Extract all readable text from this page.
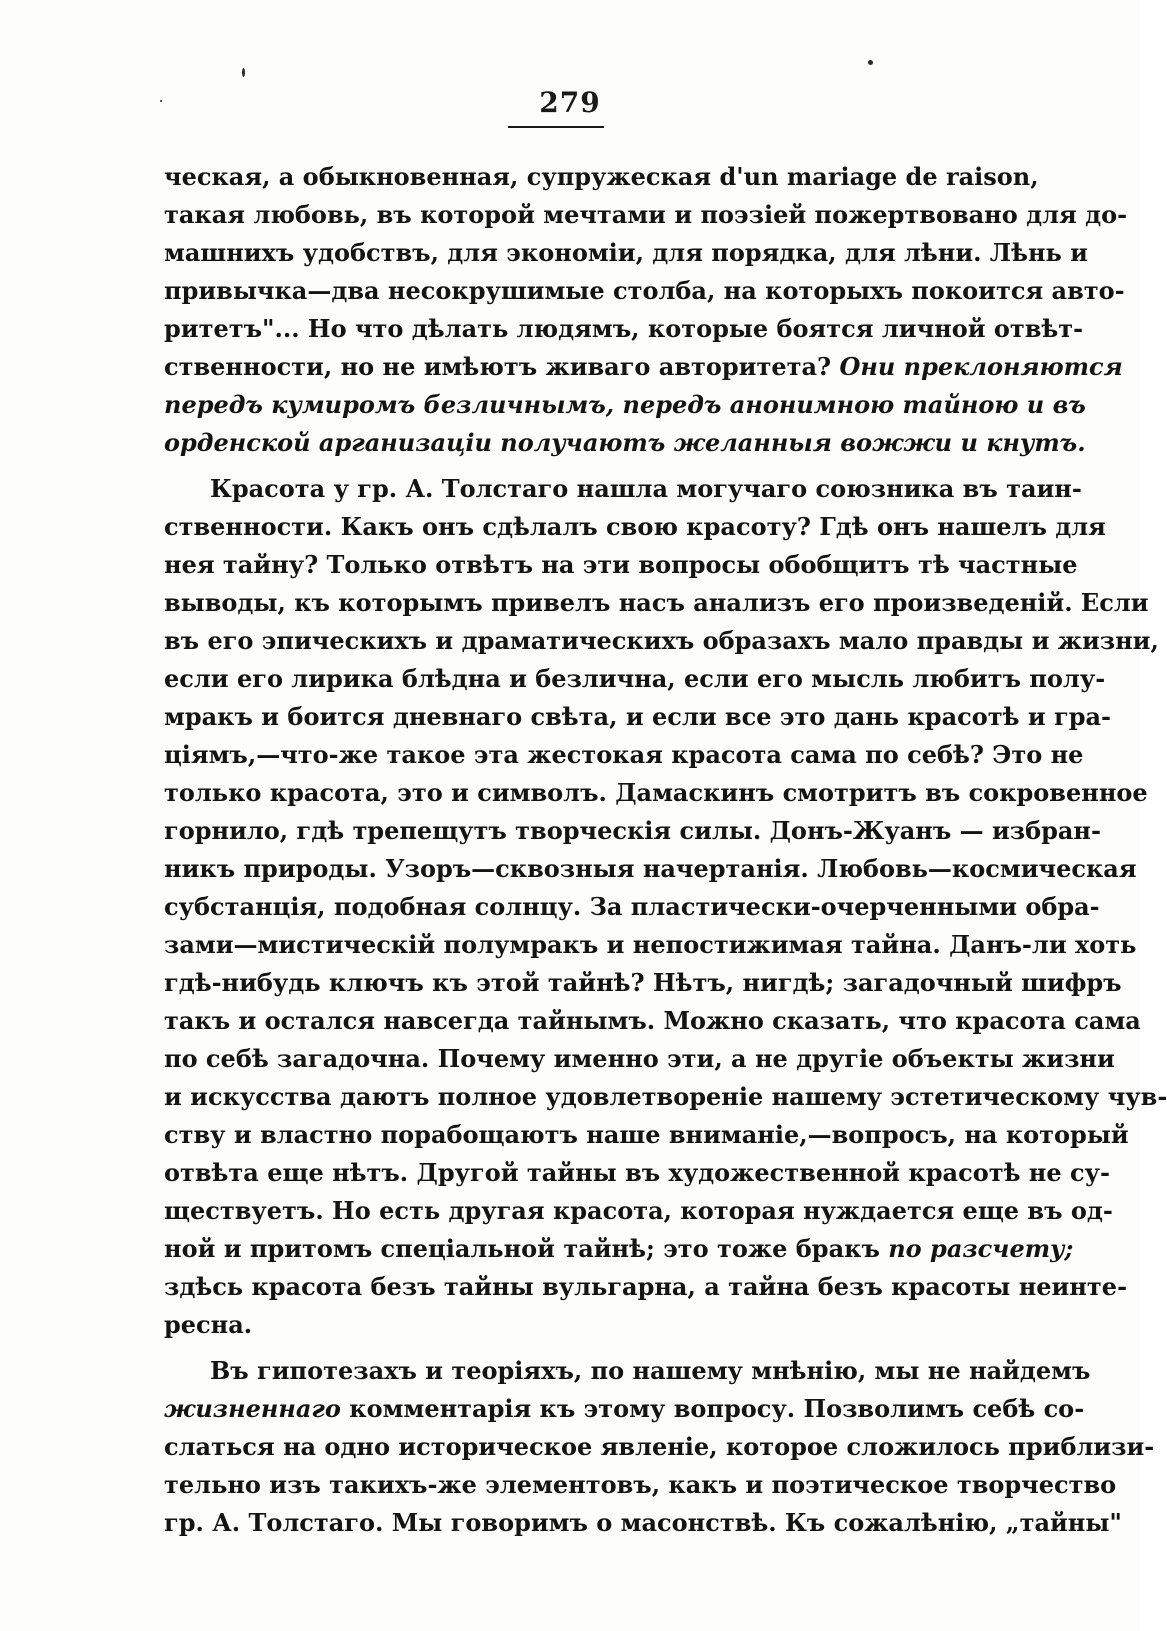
279
ческая, а обыкновенная, супружеская d'un mariage de raison,
такая любовь, въ которой мечтами и поэзіей пожертвовано для до-
машнихъ удобствъ, для экономіи, для порядка, для лѣни. Лѣнь и
привычка—два несокрушимые столба, на которыхъ покоится авто-
ритетъ"... Но что дѣлать людямъ, которые боятся личной отвѣт-
ственности, но не имѣютъ живаго авторитета? Они преклоняются
передъ кумиромъ безличнымъ, передъ анонимною тайною и въ
орденской арганизаціи получаютъ желанныя вожжи и кнутъ.
Красота у гр. А. Толстаго нашла могучаго союзника въ таин-
ственности. Какъ онъ сдѣлалъ свою красоту? Гдѣ онъ нашелъ для
нея тайну? Только отвѣтъ на эти вопросы обобщитъ тѣ частные
выводы, къ которымъ привелъ насъ анализъ его произведеній. Если
въ его эпическихъ и драматическихъ образахъ мало правды и жизни,
если его лирика блѣдна и безлична, если его мысль любитъ полу-
мракъ и боится дневнаго свѣта, и если все это дань красотѣ и гра-
ціямъ,—что-же такое эта жестокая красота сама по себѣ? Это не
только красота, это и символъ. Дамаскинъ смотритъ въ сокровенное
горнило, гдѣ трепещутъ творческія силы. Донъ-Жуанъ — избран-
никъ природы. Узоръ—сквозныя начертанія. Любовь—космическая
субстанція, подобная солнцу. За пластически-очерченными обра-
зами—мистическій полумракъ и непостижимая тайна. Данъ-ли хоть
гдѣ-нибудь ключъ къ этой тайнѣ? Нѣтъ, нигдѣ; загадочный шифръ
такъ и остался навсегда тайнымъ. Можно сказать, что красота сама
по себѣ загадочна. Почему именно эти, а не другіе объекты жизни
и искусства даютъ полное удовлетвореніе нашему эстетическому чув-
ству и властно порабощаютъ наше вниманіе,—вопросъ, на который
отвѣта еще нѣтъ. Другой тайны въ художественной красотѣ не су-
ществуетъ. Но есть другая красота, которая нуждается еще въ од-
ной и притомъ спеціальной тайнѣ; это тоже бракъ по разсчету;
здѣсь красота безъ тайны вульгарна, а тайна безъ красоты неинте-
ресна.
Въ гипотезахъ и теоріяхъ, по нашему мнѣнію, мы не найдемъ
жизненнаго комментарія къ этому вопросу. Позволимъ себѣ со-
слаться на одно историческое явленіе, которое сложилось приблизи-
тельно изъ такихъ-же элементовъ, какъ и поэтическое творчество
гр. А. Толстаго. Мы говоримъ о масонствѣ. Къ сожалѣнію, „тайны"
